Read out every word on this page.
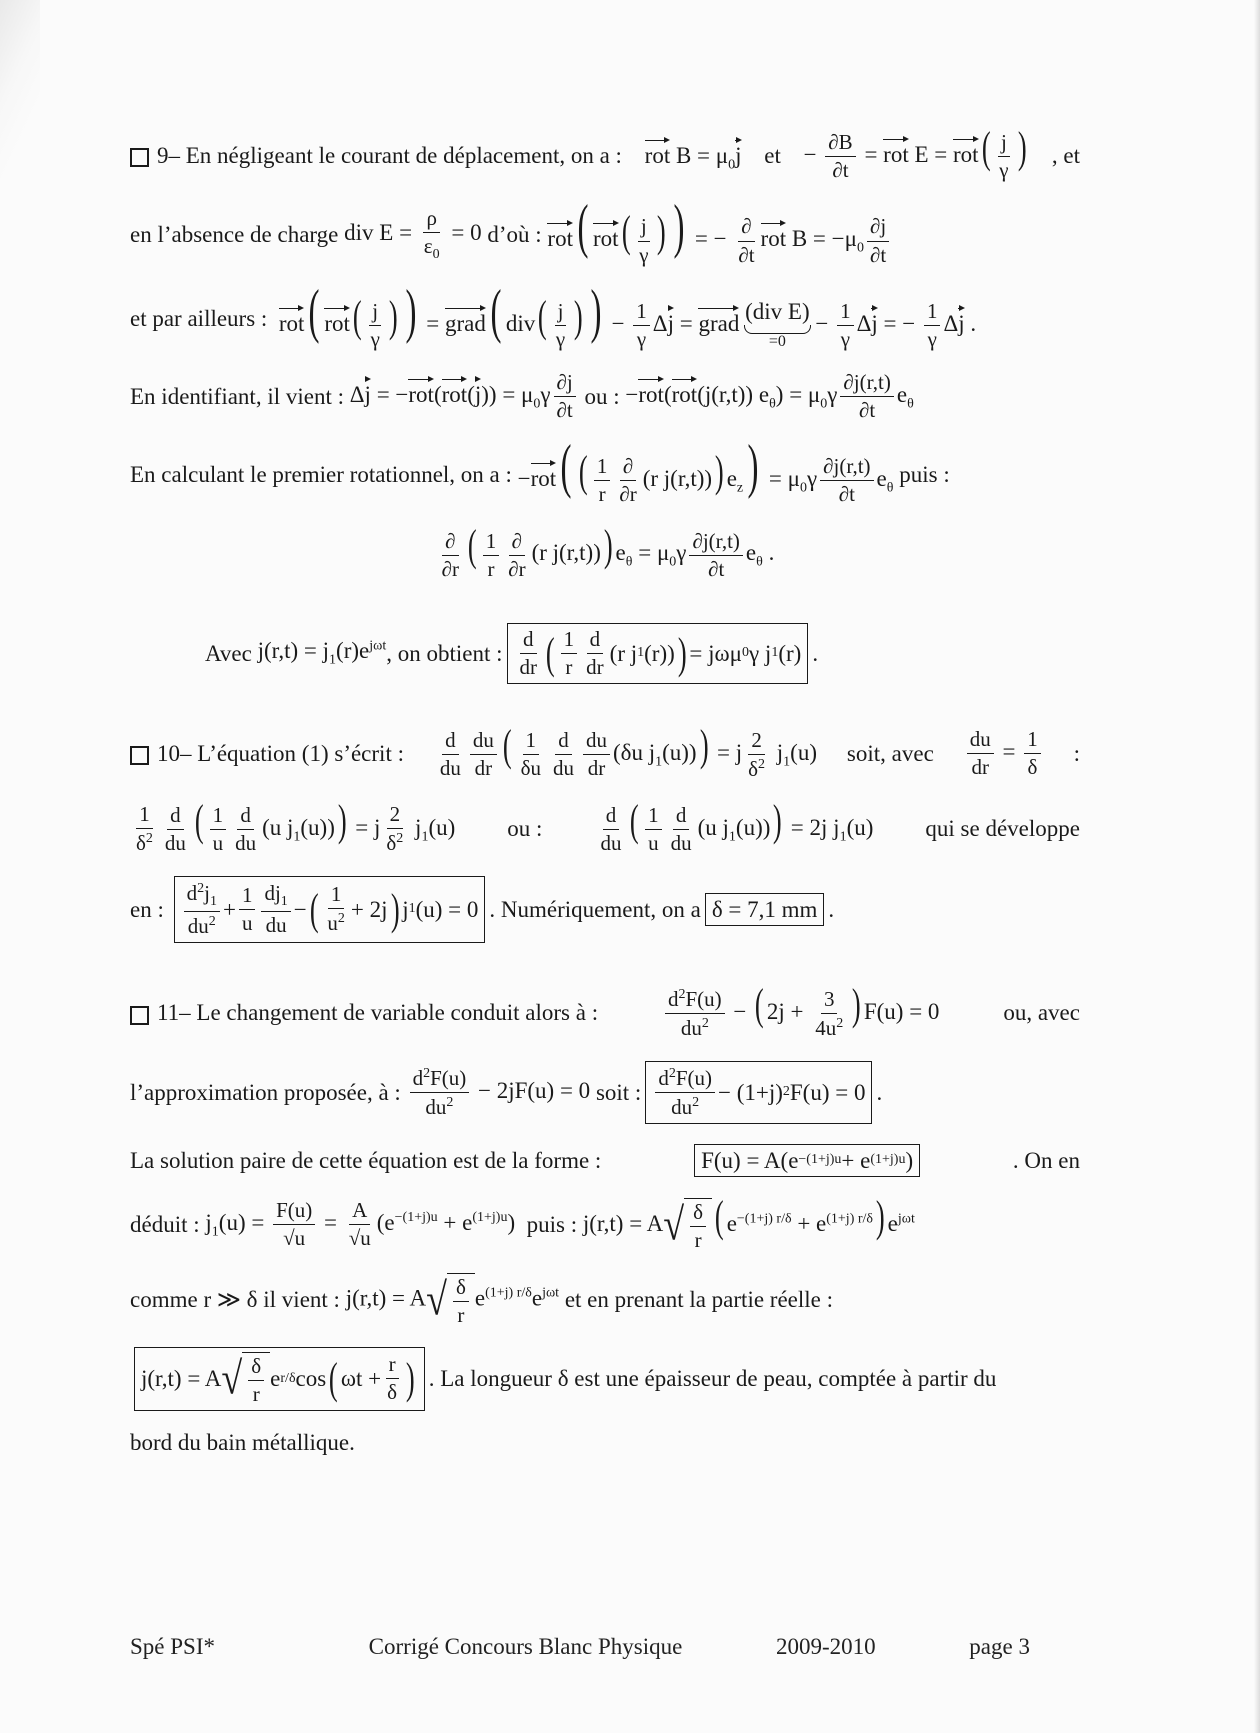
9– En négligeant le courant de déplacement, on a : rot $B = \mu_0j$ et − $\frac{\partial B}{\partial t}$ = rot $E = rot( \frac{j}{\gamma}$ ) , et
en l’absence de charge
div $E = \frac{\rho}{\varepsilon_0} = 0$
d’où :
rot( $rot( \frac{j}{\gamma}$ ) ) = − $\frac{\partial}{\partial t}$ rot $B = -\mu_0 \frac{\partial j}{\partial t}$
et par ailleurs :
rot( $rot( \frac{j}{\gamma}$ ) ) = grad( $div( \frac{j}{\gamma}$ ) ) − $\frac{1}{\gamma}$ Δj = grad (div E)
=0
− $\frac{1}{\gamma}$ Δj = − $\frac{1}{\gamma}$ Δj .
En identifiant, il vient :
$\Delta j = -rot(rot(j)) = \mu_0\gamma \frac{\partial j}{\partial t}$
ou :
−rot(rot(j(r,t)) $e_\theta) = \mu_0\gamma \frac{\partial j(r,t)}{\partial t} e_\theta$
En calculant le premier rotationnel, on a :
−rot( ( $\frac{1}{r} \frac{\partial}{\partial r} (r$ j(r,t))) $e_z) = \mu_0\gamma \frac{\partial j(r,t)}{\partial t} e_\theta$

puis :
$\frac{\partial}{\partial r}$ ( $\frac{1}{r} \frac{\partial}{\partial r} (r$ j(r,t))) $e_\theta = \mu_0\gamma \frac{\partial j(r,t)}{\partial t} e_\theta$ .
Avec
$j(r,t) = j_1(r)e^{j\omega t}$ , on obtient : $\frac{d}{dr}$ ( $\frac{1}{r} \frac{d}{dr} (r$ j 1 (r)) ) = jωμ 0 γ j 1 (r) .
10– L’équation (1) s’écrit : $\frac{d}{du} \frac{du}{dr}$ ( $\frac{1}{\delta u} \frac{d}{du} \frac{du}{dr} (\delta u$ $j_1(u))) = j \frac{2}{\delta^2} j_1(u)$ soit, avec $\frac{du}{dr} = \frac{1}{\delta}$ :
$\frac{1}{\delta^2} \frac{d}{du}$ ( $\frac{1}{u} \frac{d}{du} (u$ $j_1(u))) = j \frac{2}{\delta^2} j_1(u)$ ou :	$\frac{d}{du}$ ( $\frac{1}{u} \frac{d}{du} (u$ $j_1(u))) = 2j$ $j_1(u)$ qui se développe
en :
$\frac{d^2j_1}{du^2} + \frac{1}{u} \frac{dj_1}{du}$ − ( $\frac{1}{u^2} + 2j$ ) j 1 (u) = 0 . Numériquement, on a δ = 7,1 mm .
11– Le changement de variable conduit alors à :	$\frac{d^2F(u)}{du^2}$ − ( $2j + \frac{3}{4u^2}$ ) F(u) = 0	ou, avec
l’approximation proposée, à :
$\frac{d^2F(u)}{du^2} - 2jF(u) = 0$
soit : $\frac{d^2F(u)}{du^2} - (1+j)$ 2 F(u) = 0 .
La solution paire de cette équation est de la forme :	F(u) = A(e −(1+j)u + e (1+j)u )	. On en
déduit :
$j_1(u) = \frac{F(u)}{√u} = \frac{A}{√u} (e^{-(1+j)u} + e^{(1+j)u})$
puis :
j(r,t) = A √ $\frac{\delta}{r}$ ( $e^{-(1+j) r/\delta} + e^{(1+j) r/\delta}$) $e^{j\omega t}$
comme r ≫ δ il vient :
j(r,t) = A √ $\frac{\delta}{r} e^{(1+j) r/\delta}e^{j\omega t}$
et en prenant la partie réelle :
j(r,t) = A √ $\frac{\delta}{r}$ e r/δ cos ( $\omega t + \frac{r}{\delta}$ ) . La longueur δ est une épaisseur de peau, comptée à partir du
bord du bain métallique.
Spé PSI*	Corrigé Concours Blanc Physique	2009-2010	page 3
